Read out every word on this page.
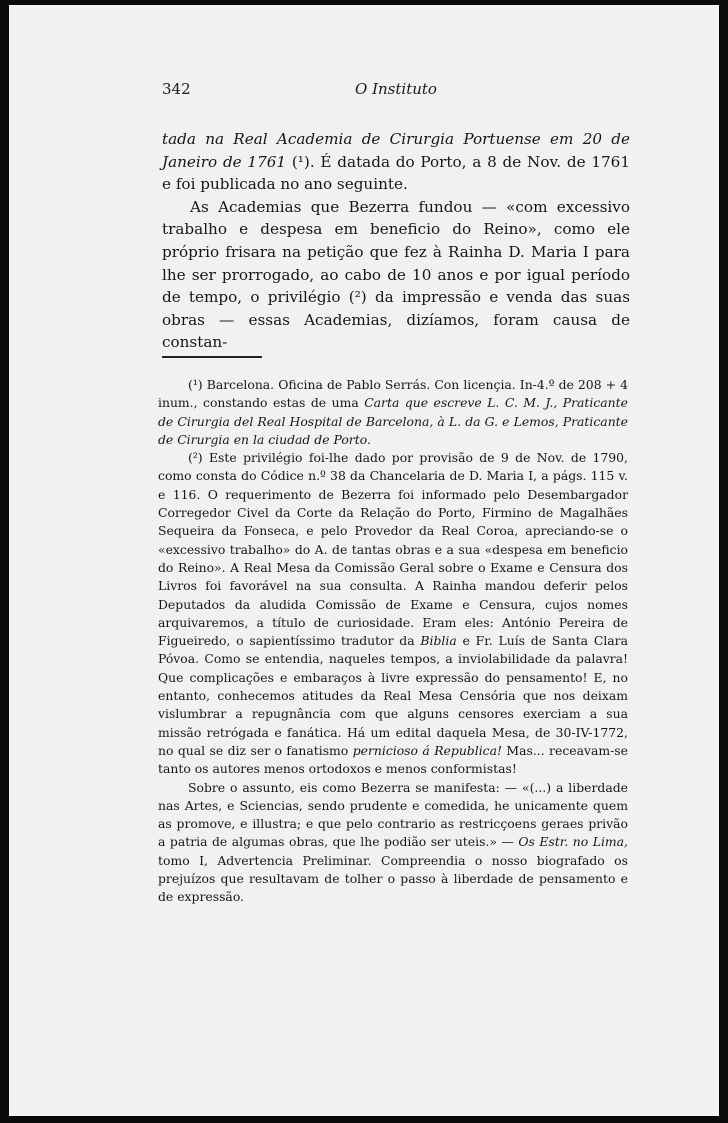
342	O Instituto

tada na Real Academia de Cirurgia Portuense em 20 de Janeiro de 1761 (¹). É datada do Porto, a 8 de Nov. de 1761 e foi publicada no ano seguinte.

As Academias que Bezerra fundou — «com excessivo trabalho e despesa em beneficio do Reino», como ele próprio frisara na petição que fez à Rainha D. Maria I para lhe ser prorrogado, ao cabo de 10 anos e por igual período de tempo, o privilégio (²) da impressão e venda das suas obras — essas Academias, dizíamos, foram causa de constan-

(¹) Barcelona. Oficina de Pablo Serrás. Con licençia. In-4.º de 208 + 4 inum., constando estas de uma Carta que escreve L. C. M. J., Praticante de Cirurgia del Real Hospital de Barcelona, à L. da G. e Lemos, Praticante de Cirurgia en la ciudad de Porto.

(²) Este privilégio foi-lhe dado por provisão de 9 de Nov. de 1790, como consta do Códice n.º 38 da Chancelaria de D. Maria I, a págs. 115 v. e 116. O requerimento de Bezerra foi informado pelo Desembargador Corregedor Civel da Corte da Relação do Porto, Firmino de Magalhães Sequeira da Fonseca, e pelo Provedor da Real Coroa, apreciando-se o «excessivo trabalho» do A. de tantas obras e a sua «despesa em beneficio do Reino». A Real Mesa da Comissão Geral sobre o Exame e Censura dos Livros foi favorável na sua consulta. A Rainha mandou deferir pelos Deputados da aludida Comissão de Exame e Censura, cujos nomes arquivaremos, a título de curiosidade. Eram eles: António Pereira de Figueiredo, o sapientíssimo tradutor da Biblia e Fr. Luís de Santa Clara Póvoa. Como se entendia, naqueles tempos, a inviolabilidade da palavra! Que complicações e embaraços à livre expressão do pensamento! E, no entanto, conhecemos atitudes da Real Mesa Censória que nos deixam vislumbrar a repugnância com que alguns censores exerciam a sua missão retrógada e fanática. Há um edital daquela Mesa, de 30-IV-1772, no qual se diz ser o fanatismo pernicioso á Republica! Mas... receavam-se tanto os autores menos ortodoxos e menos conformistas!

Sobre o assunto, eis como Bezerra se manifesta: — «(...) a liberdade nas Artes, e Sciencias, sendo prudente e comedida, he unicamente quem as promove, e illustra; e que pelo contrario as restricçoens geraes privão a patria de algumas obras, que lhe podião ser uteis.» — Os Estr. no Lima, tomo I, Advertencia Preliminar. Compreendia o nosso biografado os prejuízos que resultavam de tolher o passo à liberdade de pensamento e de expressão.
